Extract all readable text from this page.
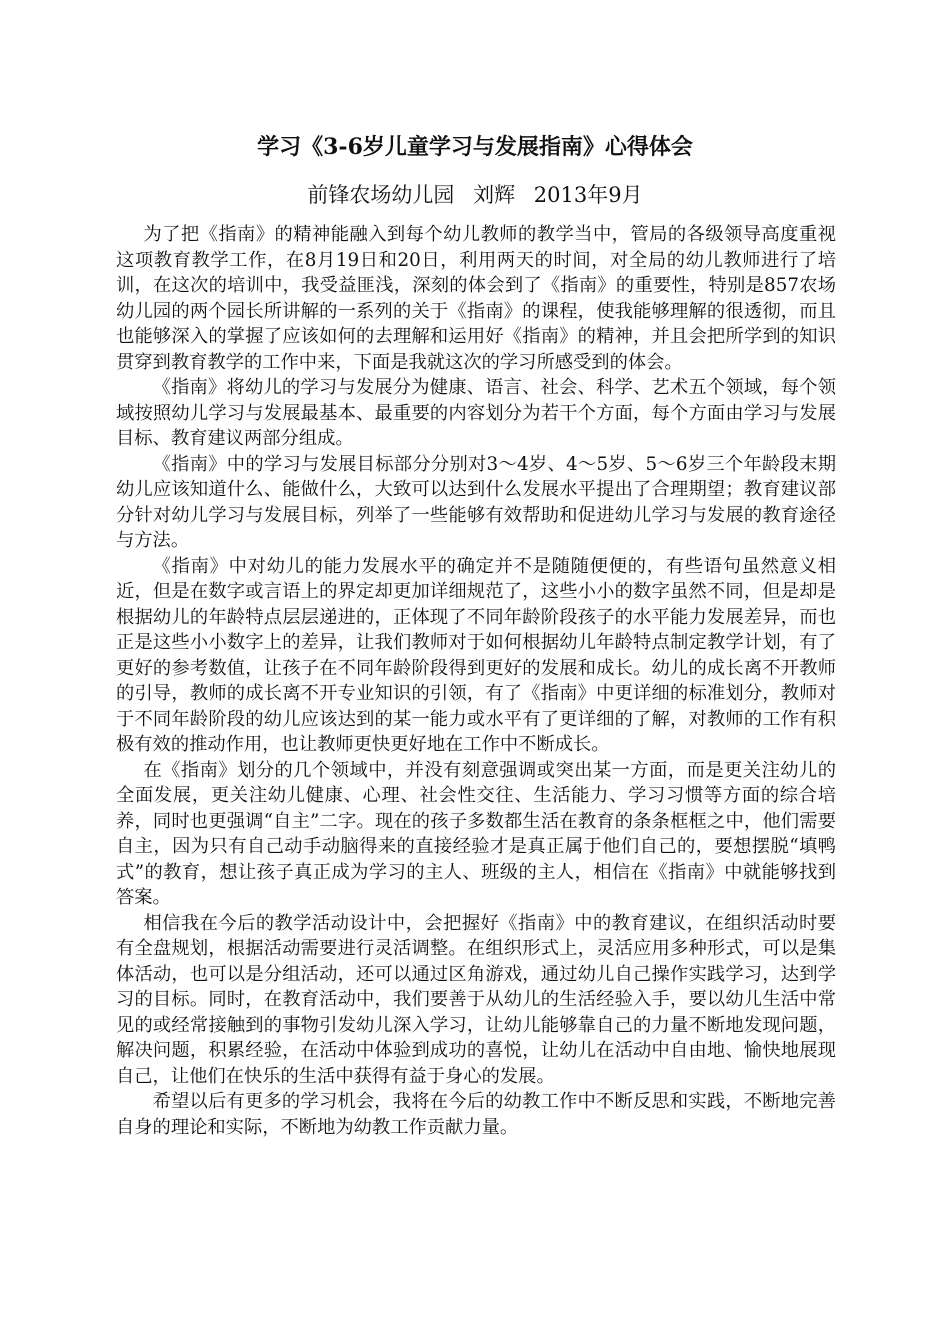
学习《3-6岁儿童学习与发展指南》心得体会
前锋农场幼儿园 刘辉 2013年9月

为了把《指南》的精神能融入到每个幼儿教师的教学当中，管局的各级领导高度重视这项教育教学工作，在8月19日和20日，利用两天的时间，对全局的幼儿教师进行了培训，在这次的培训中，我受益匪浅，深刻的体会到了《指南》的重要性，特别是857农场幼儿园的两个园长所讲解的一系列的关于《指南》的课程，使我能够理解的很透彻，而且也能够深入的掌握了应该如何的去理解和运用好《指南》的精神，并且会把所学到的知识贯穿到教育教学的工作中来，下面是我就这次的学习所感受到的体会。

《指南》将幼儿的学习与发展分为健康、语言、社会、科学、艺术五个领域，每个领域按照幼儿学习与发展最基本、最重要的内容划分为若干个方面，每个方面由学习与发展目标、教育建议两部分组成。

《指南》中的学习与发展目标部分分别对3～4岁、4～5岁、5～6岁三个年龄段末期幼儿应该知道什么、能做什么，大致可以达到什么发展水平提出了合理期望；教育建议部分针对幼儿学习与发展目标，列举了一些能够有效帮助和促进幼儿学习与发展的教育途径与方法。

《指南》中对幼儿的能力发展水平的确定并不是随随便便的，有些语句虽然意义相近，但是在数字或言语上的界定却更加详细规范了，这些小小的数字虽然不同，但是却是根据幼儿的年龄特点层层递进的，正体现了不同年龄阶段孩子的水平能力发展差异，而也正是这些小小数字上的差异，让我们教师对于如何根据幼儿年龄特点制定教学计划，有了更好的参考数值，让孩子在不同年龄阶段得到更好的发展和成长。幼儿的成长离不开教师的引导，教师的成长离不开专业知识的引领，有了《指南》中更详细的标准划分，教师对于不同年龄阶段的幼儿应该达到的某一能力或水平有了更详细的了解，对教师的工作有积极有效的推动作用，也让教师更快更好地在工作中不断成长。

在《指南》划分的几个领域中，并没有刻意强调或突出某一方面，而是更关注幼儿的全面发展，更关注幼儿健康、心理、社会性交往、生活能力、学习习惯等方面的综合培养，同时也更强调“自主”二字。现在的孩子多数都生活在教育的条条框框之中，他们需要自主，因为只有自己动手动脑得来的直接经验才是真正属于他们自己的，要想摆脱“填鸭式”的教育，想让孩子真正成为学习的主人、班级的主人，相信在《指南》中就能够找到答案。

相信我在今后的教学活动设计中，会把握好《指南》中的教育建议，在组织活动时要有全盘规划，根据活动需要进行灵活调整。在组织形式上，灵活应用多种形式，可以是集体活动，也可以是分组活动，还可以通过区角游戏，通过幼儿自己操作实践学习，达到学习的目标。同时，在教育活动中，我们要善于从幼儿的生活经验入手，要以幼儿生活中常见的或经常接触到的事物引发幼儿深入学习，让幼儿能够靠自己的力量不断地发现问题，解决问题，积累经验，在活动中体验到成功的喜悦，让幼儿在活动中自由地、愉快地展现自己，让他们在快乐的生活中获得有益于身心的发展。

希望以后有更多的学习机会，我将在今后的幼教工作中不断反思和实践，不断地完善自身的理论和实际，不断地为幼教工作贡献力量。
